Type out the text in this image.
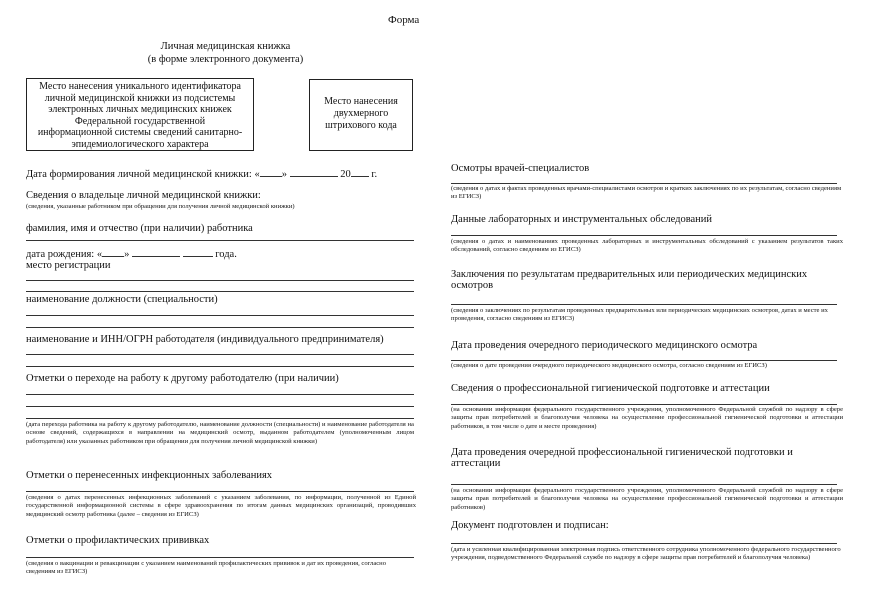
Форма
Личная медицинская книжка
(в форме электронного документа)
Место нанесения уникального идентификатора
личной медицинской книжки из подсистемы
электронных личных медицинских книжек
Федеральной государственной
информационной системы сведений санитарно-
эпидемиологического характера
Место нанесения
двухмерного
штрихового кода
Дата формирования личной медицинской книжки: « »	20 г.
Сведения о владельце личной медицинской книжки:
(сведения, указанные работником при обращении для получения личной медицинской книжки)
фамилия, имя и отчество (при наличии) работника
дата рождения: « »	года.
место регистрации
наименование должности (специальности)
наименование и ИНН/ОГРН работодателя (индивидуального предпринимателя)
Отметки о переходе на работу к другому работодателю (при наличии)
(дата перехода работника на работу к другому работодателю, наименование должности (специальности) и наименование работодателя на основе сведений, содержащихся в направлении на медицинский осмотр, выданном работодателем (уполномоченным лицом работодателя) или указанных работником при обращении для получения личной медицинской книжки)
Отметки о перенесенных инфекционных заболеваниях
(сведения о датах перенесенных инфекционных заболеваний с указанием заболевания, по информации, полученной из Единой государственной информационной системы в сфере здравоохранения по итогам данных медицинских организаций, проводивших медицинский осмотр работника (далее – сведения из ЕГИСЗ)
Отметки о профилактических прививках
(сведения о вакцинации и ревакцинации с указанием наименований профилактических прививок и дат их проведения, согласно сведениям из ЕГИСЗ)
Осмотры врачей-специалистов
(сведения о датах и фактах проведенных врачами-специалистами осмотров и кратких заключениях по их результатам, согласно сведениям из ЕГИСЗ)
Данные лабораторных и инструментальных обследований
(сведения о датах и наименованиях проведенных лабораторных и инструментальных обследований с указанием результатов таких обследований, согласно сведениям из ЕГИСЗ)
Заключения по результатам предварительных или периодических медицинских
осмотров
(сведения о заключениях по результатам проведенных предварительных или периодических медицинских осмотров, датах и месте их проведения, согласно сведениям из ЕГИСЗ)
Дата проведения очередного периодического медицинского осмотра
(сведения о дате проведения очередного периодического медицинского осмотра, согласно сведениям из ЕГИСЗ)
Сведения о профессиональной гигиенической подготовке и аттестации
(на основании информации федерального государственного учреждения, уполномоченного Федеральной службой по надзору в сфере защиты прав потребителей и благополучия человека на осуществление профессиональной гигиенической подготовки и аттестации работников, в том числе о дате и месте проведения)
Дата проведения очередной профессиональной гигиенической подготовки и
аттестации
(на основании информации федерального государственного учреждения, уполномоченного Федеральной службой по надзору в сфере защиты прав потребителей и благополучия человека на осуществление профессиональной гигиенической подготовки и аттестации работников)
Документ подготовлен и подписан:
(дата и усиленная квалифицированная электронная подпись ответственного сотрудника уполномоченного федерального государственного учреждения, подведомственного Федеральной службе по надзору в сфере защиты прав потребителей и благополучия человека)
